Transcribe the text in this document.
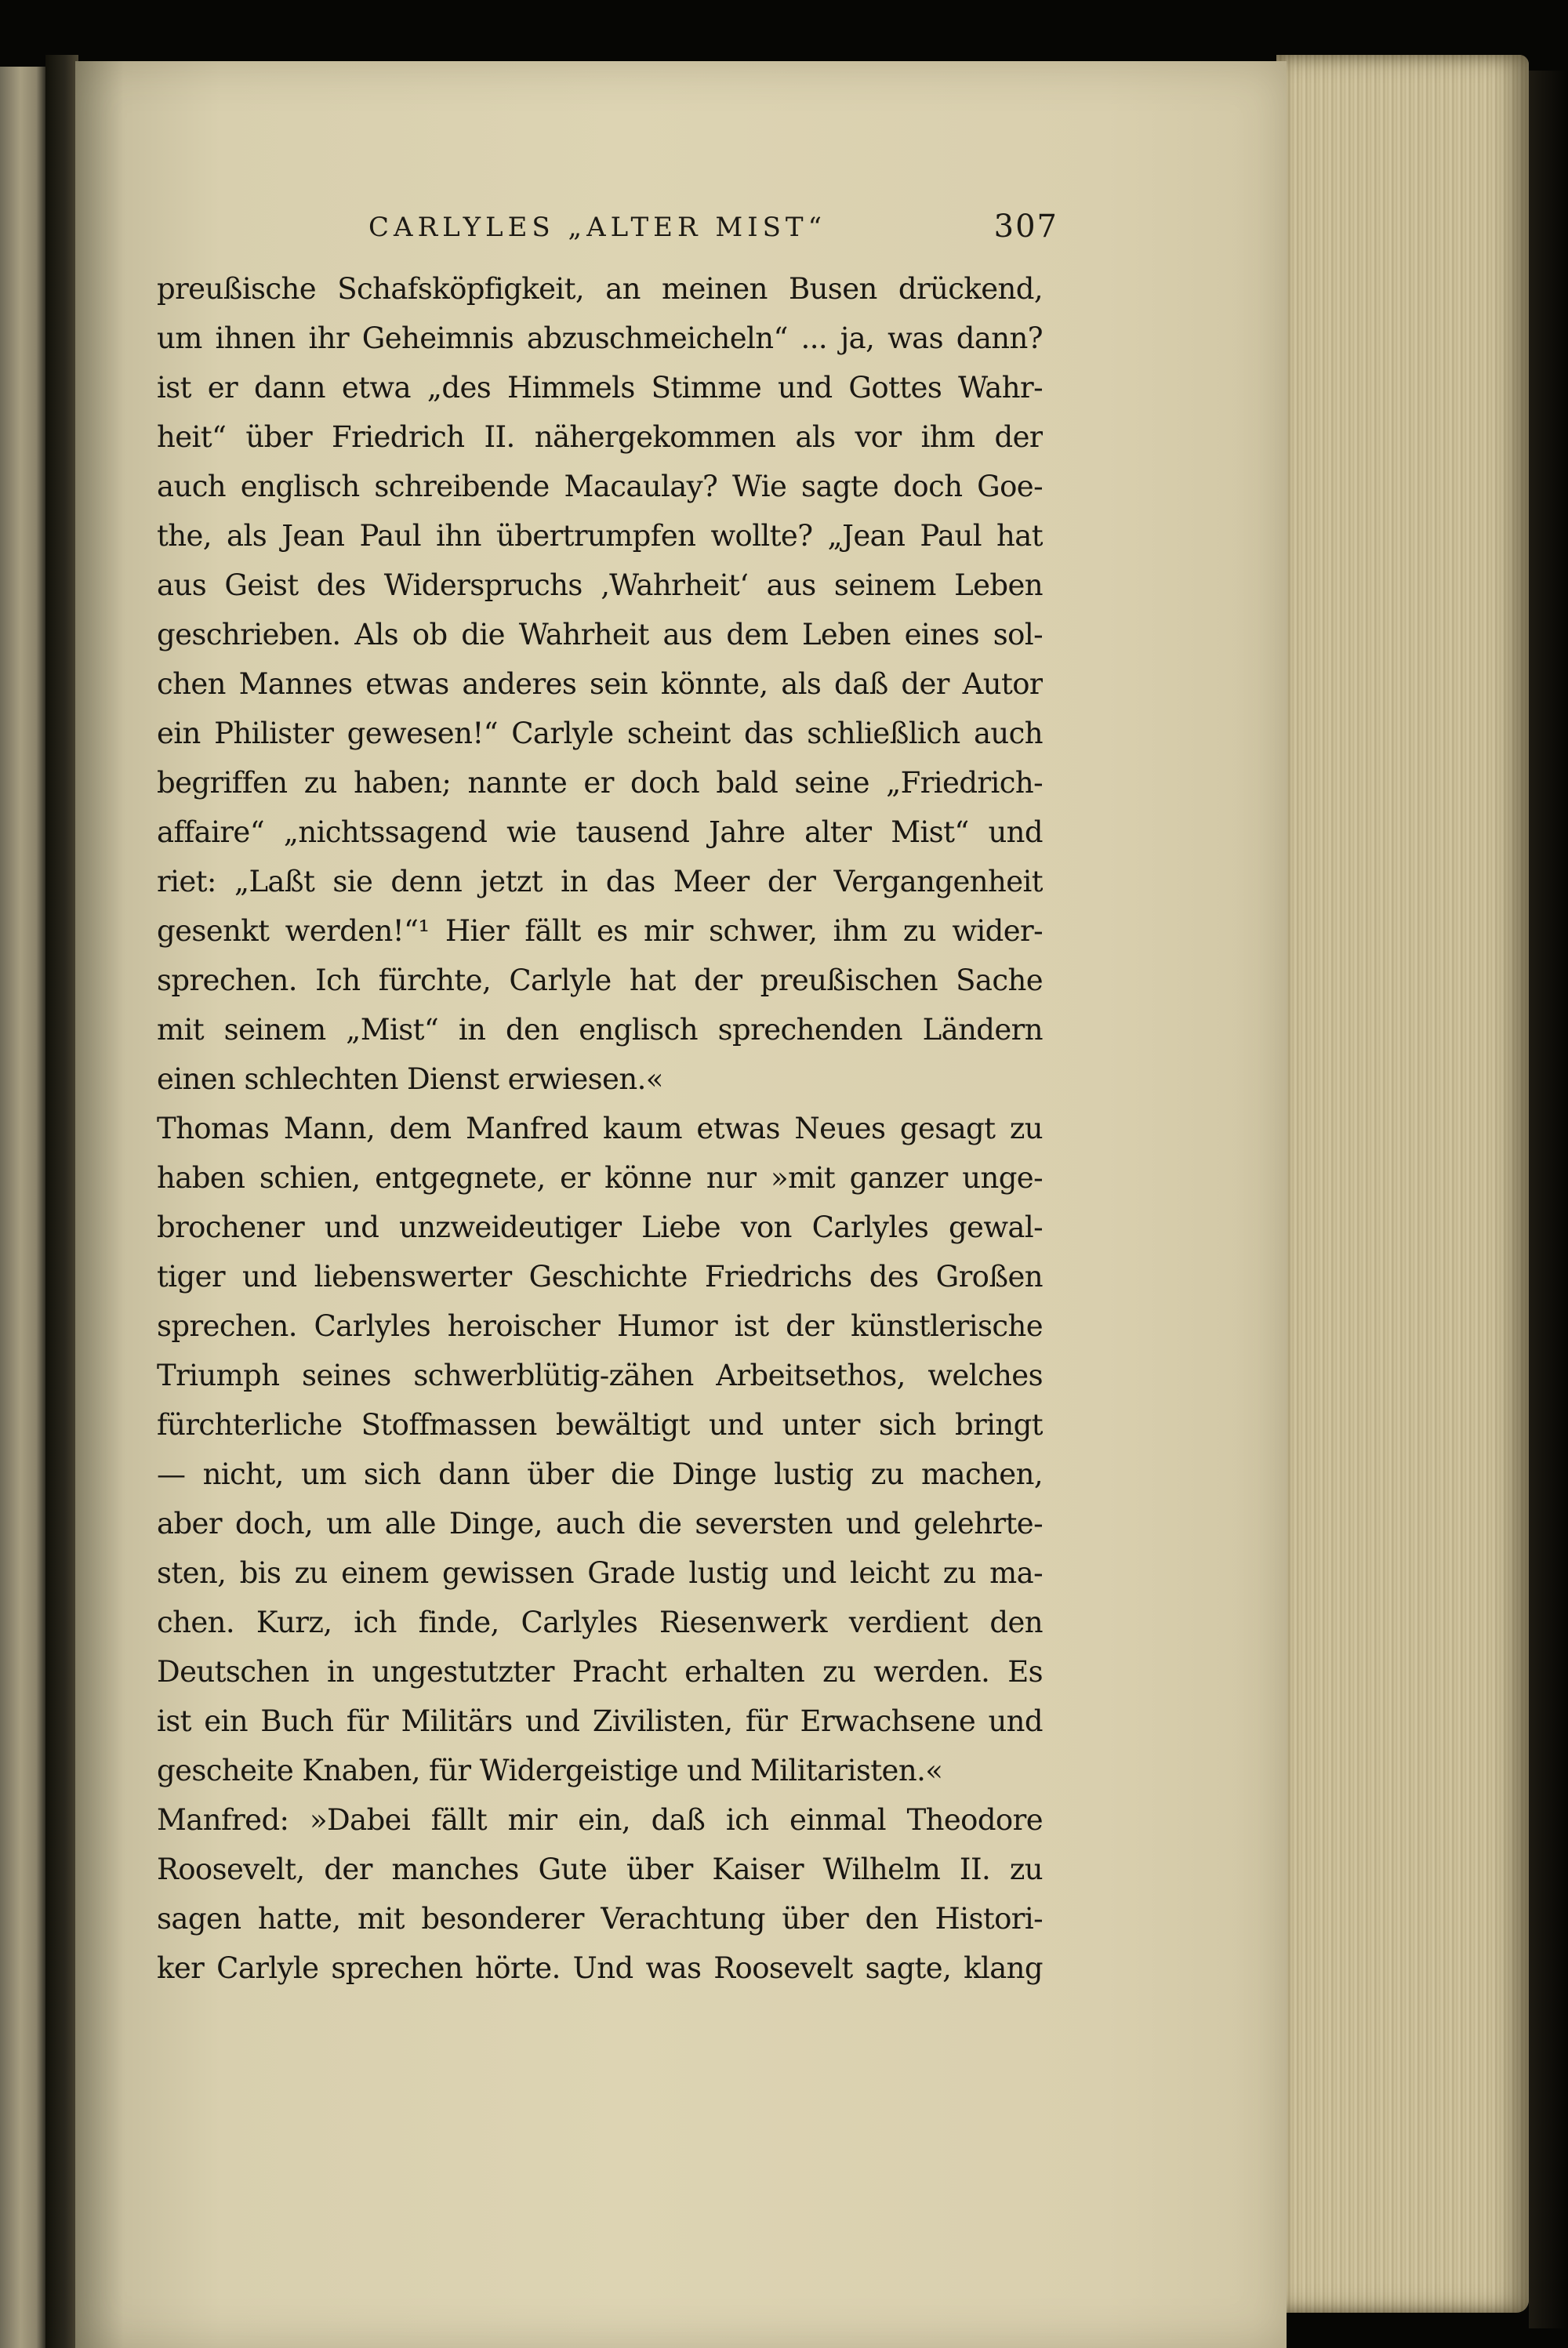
CARLYLES „ALTER MIST“	307
preußische Schafsköpfigkeit, an meinen Busen drückend,
um ihnen ihr Geheimnis abzuschmeicheln“ ... ja, was dann?
ist er dann etwa „des Himmels Stimme und Gottes Wahr-
heit“ über Friedrich II. nähergekommen als vor ihm der
auch englisch schreibende Macaulay? Wie sagte doch Goe-
the, als Jean Paul ihn übertrumpfen wollte? „Jean Paul hat
aus Geist des Widerspruchs ‚Wahrheit‘ aus seinem Leben
geschrieben. Als ob die Wahrheit aus dem Leben eines sol-
chen Mannes etwas anderes sein könnte, als daß der Autor
ein Philister gewesen!“ Carlyle scheint das schließlich auch
begriffen zu haben; nannte er doch bald seine „Friedrich-
affaire“ „nichtssagend wie tausend Jahre alter Mist“ und
riet: „Laßt sie denn jetzt in das Meer der Vergangenheit
gesenkt werden!“¹ Hier fällt es mir schwer, ihm zu wider-
sprechen. Ich fürchte, Carlyle hat der preußischen Sache
mit seinem „Mist“ in den englisch sprechenden Ländern
einen schlechten Dienst erwiesen.«
Thomas Mann, dem Manfred kaum etwas Neues gesagt zu
haben schien, entgegnete, er könne nur »mit ganzer unge-
brochener und unzweideutiger Liebe von Carlyles gewal-
tiger und liebenswerter Geschichte Friedrichs des Großen
sprechen. Carlyles heroischer Humor ist der künstlerische
Triumph seines schwerblütig-zähen Arbeitsethos, welches
fürchterliche Stoffmassen bewältigt und unter sich bringt
— nicht, um sich dann über die Dinge lustig zu machen,
aber doch, um alle Dinge, auch die seversten und gelehrte-
sten, bis zu einem gewissen Grade lustig und leicht zu ma-
chen. Kurz, ich finde, Carlyles Riesenwerk verdient den
Deutschen in ungestutzter Pracht erhalten zu werden. Es
ist ein Buch für Militärs und Zivilisten, für Erwachsene und
gescheite Knaben, für Widergeistige und Militaristen.«
Manfred: »Dabei fällt mir ein, daß ich einmal Theodore
Roosevelt, der manches Gute über Kaiser Wilhelm II. zu
sagen hatte, mit besonderer Verachtung über den Histori-
ker Carlyle sprechen hörte. Und was Roosevelt sagte, klang
